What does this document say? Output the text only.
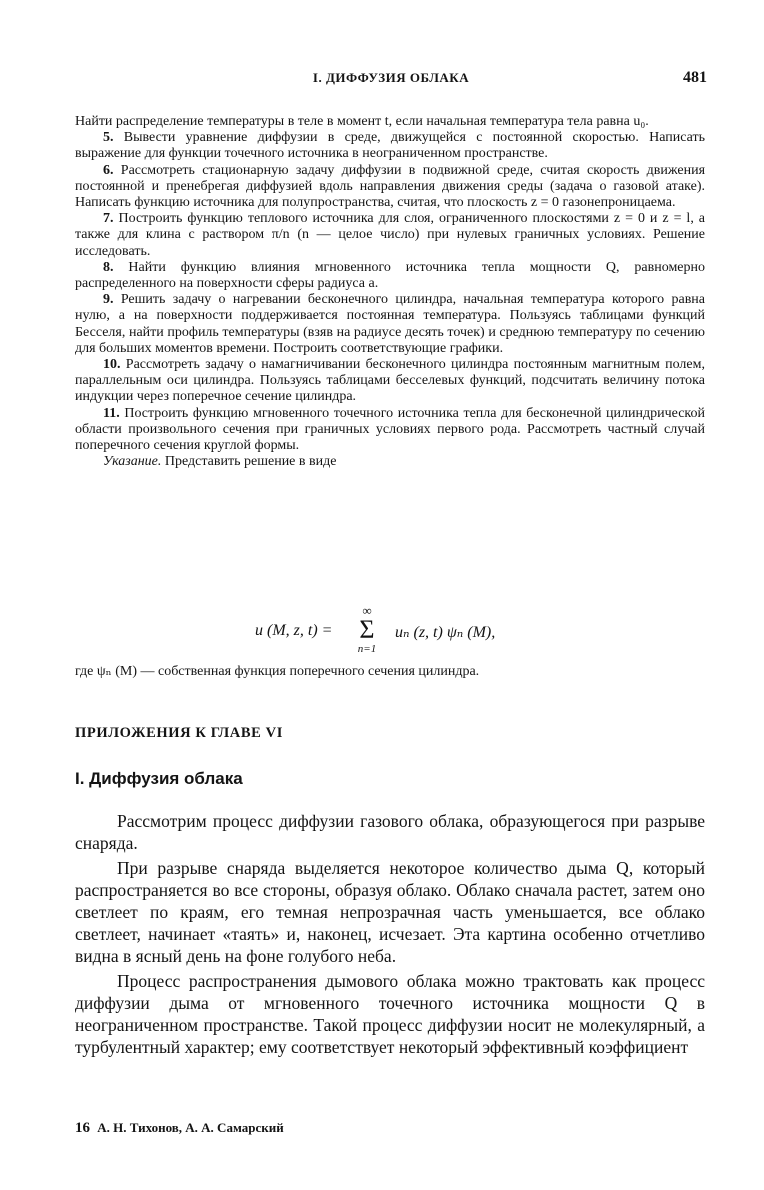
I. ДИФФУЗИЯ ОБЛАКА	481

Найти распределение температуры в теле в момент t, если начальная температура тела равна u₀.

5. Вывести уравнение диффузии в среде, движущейся с постоянной скоростью. Написать выражение для функции точечного источника в неограниченном пространстве.

6. Рассмотреть стационарную задачу диффузии в подвижной среде, считая скорость движения постоянной и пренебрегая диффузией вдоль направления движения среды (задача о газовой атаке). Написать функцию источника для полупространства, считая, что плоскость z = 0 газонепроницаема.

7. Построить функцию теплового источника для слоя, ограниченного плоскостями z = 0 и z = l, а также для клина с раствором π/n (n — целое число) при нулевых граничных условиях. Решение исследовать.

8. Найти функцию влияния мгновенного источника тепла мощности Q, равномерно распределенного на поверхности сферы радиуса a.

9. Решить задачу о нагревании бесконечного цилиндра, начальная температура которого равна нулю, а на поверхности поддерживается постоянная температура. Пользуясь таблицами функций Бесселя, найти профиль температуры (взяв на радиусе десять точек) и среднюю температуру по сечению для больших моментов времени. Построить соответствующие графики.

10. Рассмотреть задачу о намагничивании бесконечного цилиндра постоянным магнитным полем, параллельным оси цилиндра. Пользуясь таблицами бесселевых функций, подсчитать величину потока индукции через поперечное сечение цилиндра.

11. Построить функцию мгновенного точечного источника тепла для бесконечной цилиндрической области произвольного сечения при граничных условиях первого рода. Рассмотреть частный случай поперечного сечения круглой формы.

Указание. Представить решение в виде

u (M, z, t) =
∞
Σ
n=1
uₙ (z, t) ψₙ (M),
где ψₙ (M) — собственная функция поперечного сечения цилиндра.
ПРИЛОЖЕНИЯ К ГЛАВЕ VI
I. Диффузия облака

Рассмотрим процесс диффузии газового облака, образующегося при разрыве снаряда.

При разрыве снаряда выделяется некоторое количество дыма Q, который распространяется во все стороны, образуя облако. Облако сначала растет, затем оно светлеет по краям, его темная непрозрачная часть уменьшается, все облако светлеет, начинает «таять» и, наконец, исчезает. Эта картина особенно отчетливо видна в ясный день на фоне голубого неба.

Процесс распространения дымового облака можно трактовать как процесс диффузии дыма от мгновенного точечного источника мощности Q в неограниченном пространстве. Такой процесс диффузии носит не молекулярный, а турбулентный характер; ему соответствует некоторый эффективный коэффициент

16 А. Н. Тихонов, А. А. Самарский
